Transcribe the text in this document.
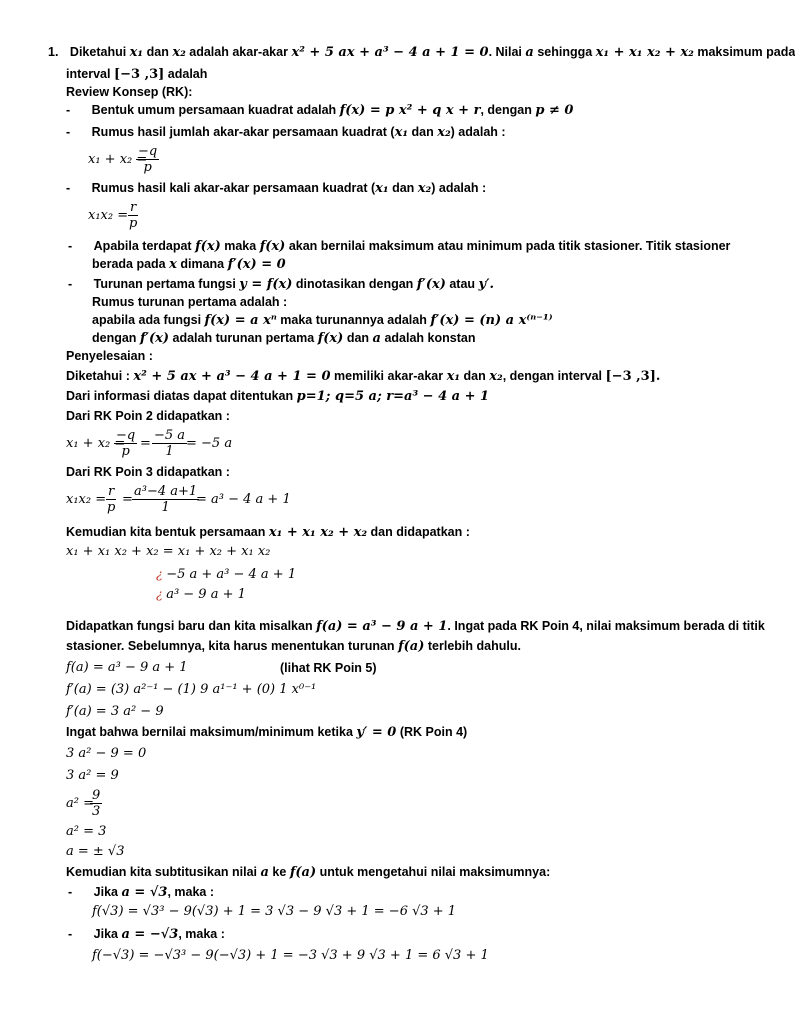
1. Diketahui x₁ dan x₂ adalah akar-akar x² + 5 ax + a³ − 4 a + 1 = 0. Nilai a sehingga x₁ + x₁ x₂ + x₂ maksimum pada
interval [−3 ,3] adalah
Review Konsep (RK):
- Bentuk umum persamaan kuadrat adalah f(x) = p x² + q x + r, dengan p ≠ 0
- Rumus hasil jumlah akar-akar persamaan kuadrat (x₁ dan x₂) adalah :
x₁ + x₂ =
$\frac{-q}{p}$
- Rumus hasil kali akar-akar persamaan kuadrat (x₁ dan x₂) adalah :
$x_1x_2 = \frac{r}{p}$
- Apabila terdapat f(x) maka f(x) akan bernilai maksimum atau minimum pada titik stasioner. Titik stasioner
berada pada x dimana f′(x) = 0
- Turunan pertama fungsi y = f(x) dinotasikan dengan f′(x) atau y′.
Rumus turunan pertama adalah :
apabila ada fungsi f(x) = a xⁿ maka turunannya adalah f′(x) = (n) a x⁽ⁿ⁻¹⁾
dengan f′(x) adalah turunan pertama f(x) dan a adalah konstan
Penyelesaian :
Diketahui : x² + 5 ax + a³ − 4 a + 1 = 0 memiliki akar-akar x₁ dan x₂, dengan interval [−3 ,3].
Dari informasi diatas dapat ditentukan p=1; q=5 a; r=a³ − 4 a + 1
Dari RK Poin 2 didapatkan :
x₁ + x₂ =
$\frac{-q}{p} = \frac{-5 a}{1}$
= −5 a
Dari RK Poin 3 didapatkan :
$x_1x_2 = \frac{r}{p} = \frac{\text{a³−4 a+1}}{1}$
= a³ − 4 a + 1
Kemudian kita bentuk persamaan x₁ + x₁ x₂ + x₂ dan didapatkan :
x₁ + x₁ x₂ + x₂ = x₁ + x₂ + x₁ x₂
¿ −5 a + a³ − 4 a + 1
¿ a³ − 9 a + 1
Didapatkan fungsi baru dan kita misalkan f(a) = a³ − 9 a + 1. Ingat pada RK Poin 4, nilai maksimum berada di titik
stasioner. Sebelumnya, kita harus menentukan turunan f(a) terlebih dahulu.
f(a) = a³ − 9 a + 1	(lihat RK Poin 5)
f′(a) = (3) a²⁻¹ − (1) 9 a¹⁻¹ + (0) 1 x⁰⁻¹
f′(a) = 3 a² − 9
Ingat bahwa bernilai maksimum/minimum ketika y′ = 0 (RK Poin 4)
3 a² − 9 = 0
3 a² = 9
a² =
$\frac{9}{3}$
a² = 3
a = ± √3
Kemudian kita subtitusikan nilai a ke f(a) untuk mengetahui nilai maksimumnya:
- Jika a = √3, maka :
f(√3) = √3³ − 9(√3) + 1 = 3 √3 − 9 √3 + 1 = −6 √3 + 1
- Jika a = −√3, maka :
f(−√3) = −√3³ − 9(−√3) + 1 = −3 √3 + 9 √3 + 1 = 6 √3 + 1
